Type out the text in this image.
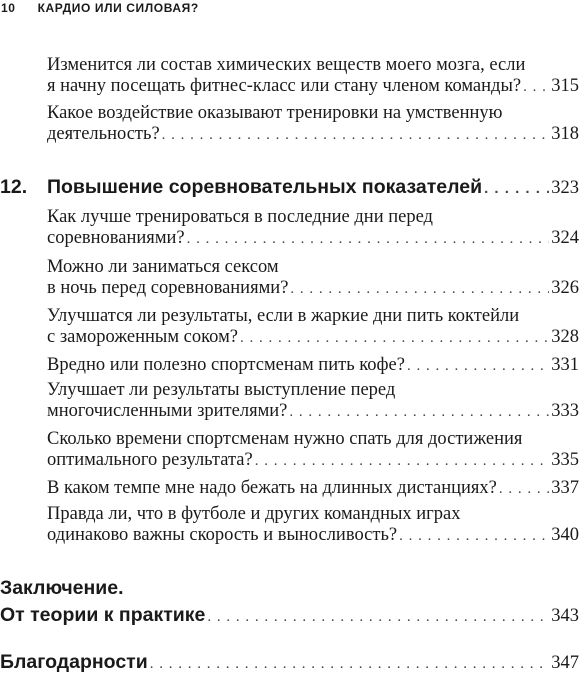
10 КАРДИО ИЛИ СИЛОВАЯ?
Изменится ли состав химических веществ моего мозга, если
я начну посещать фитнес-класс или стану членом команды? . . . 315
Какое воздействие оказывают тренировки на умственную
деятельность? . . .	318
12. Повышение соревновательных показателей . . .	323
Как лучше тренироваться в последние дни перед
соревнованиями? . . .	324
Можно ли заниматься сексом
в ночь перед соревнованиями? . . .	326
Улучшатся ли результаты, если в жаркие дни пить коктейли
с замороженным соком? . . .	328
Вредно или полезно спортсменам пить кофе? . . .	331
Улучшает ли результаты выступление перед
многочисленными зрителями? . . .	333
Сколько времени спортсменам нужно спать для достижения
оптимального результата? . . .	335
В каком темпе мне надо бежать на длинных дистанциях? . . .	337
Правда ли, что в футболе и других командных играх
одинаково важны скорость и выносливость? . . .	340
Заключение.
От теории к практике . . .	343
Благодарности . . .	347
